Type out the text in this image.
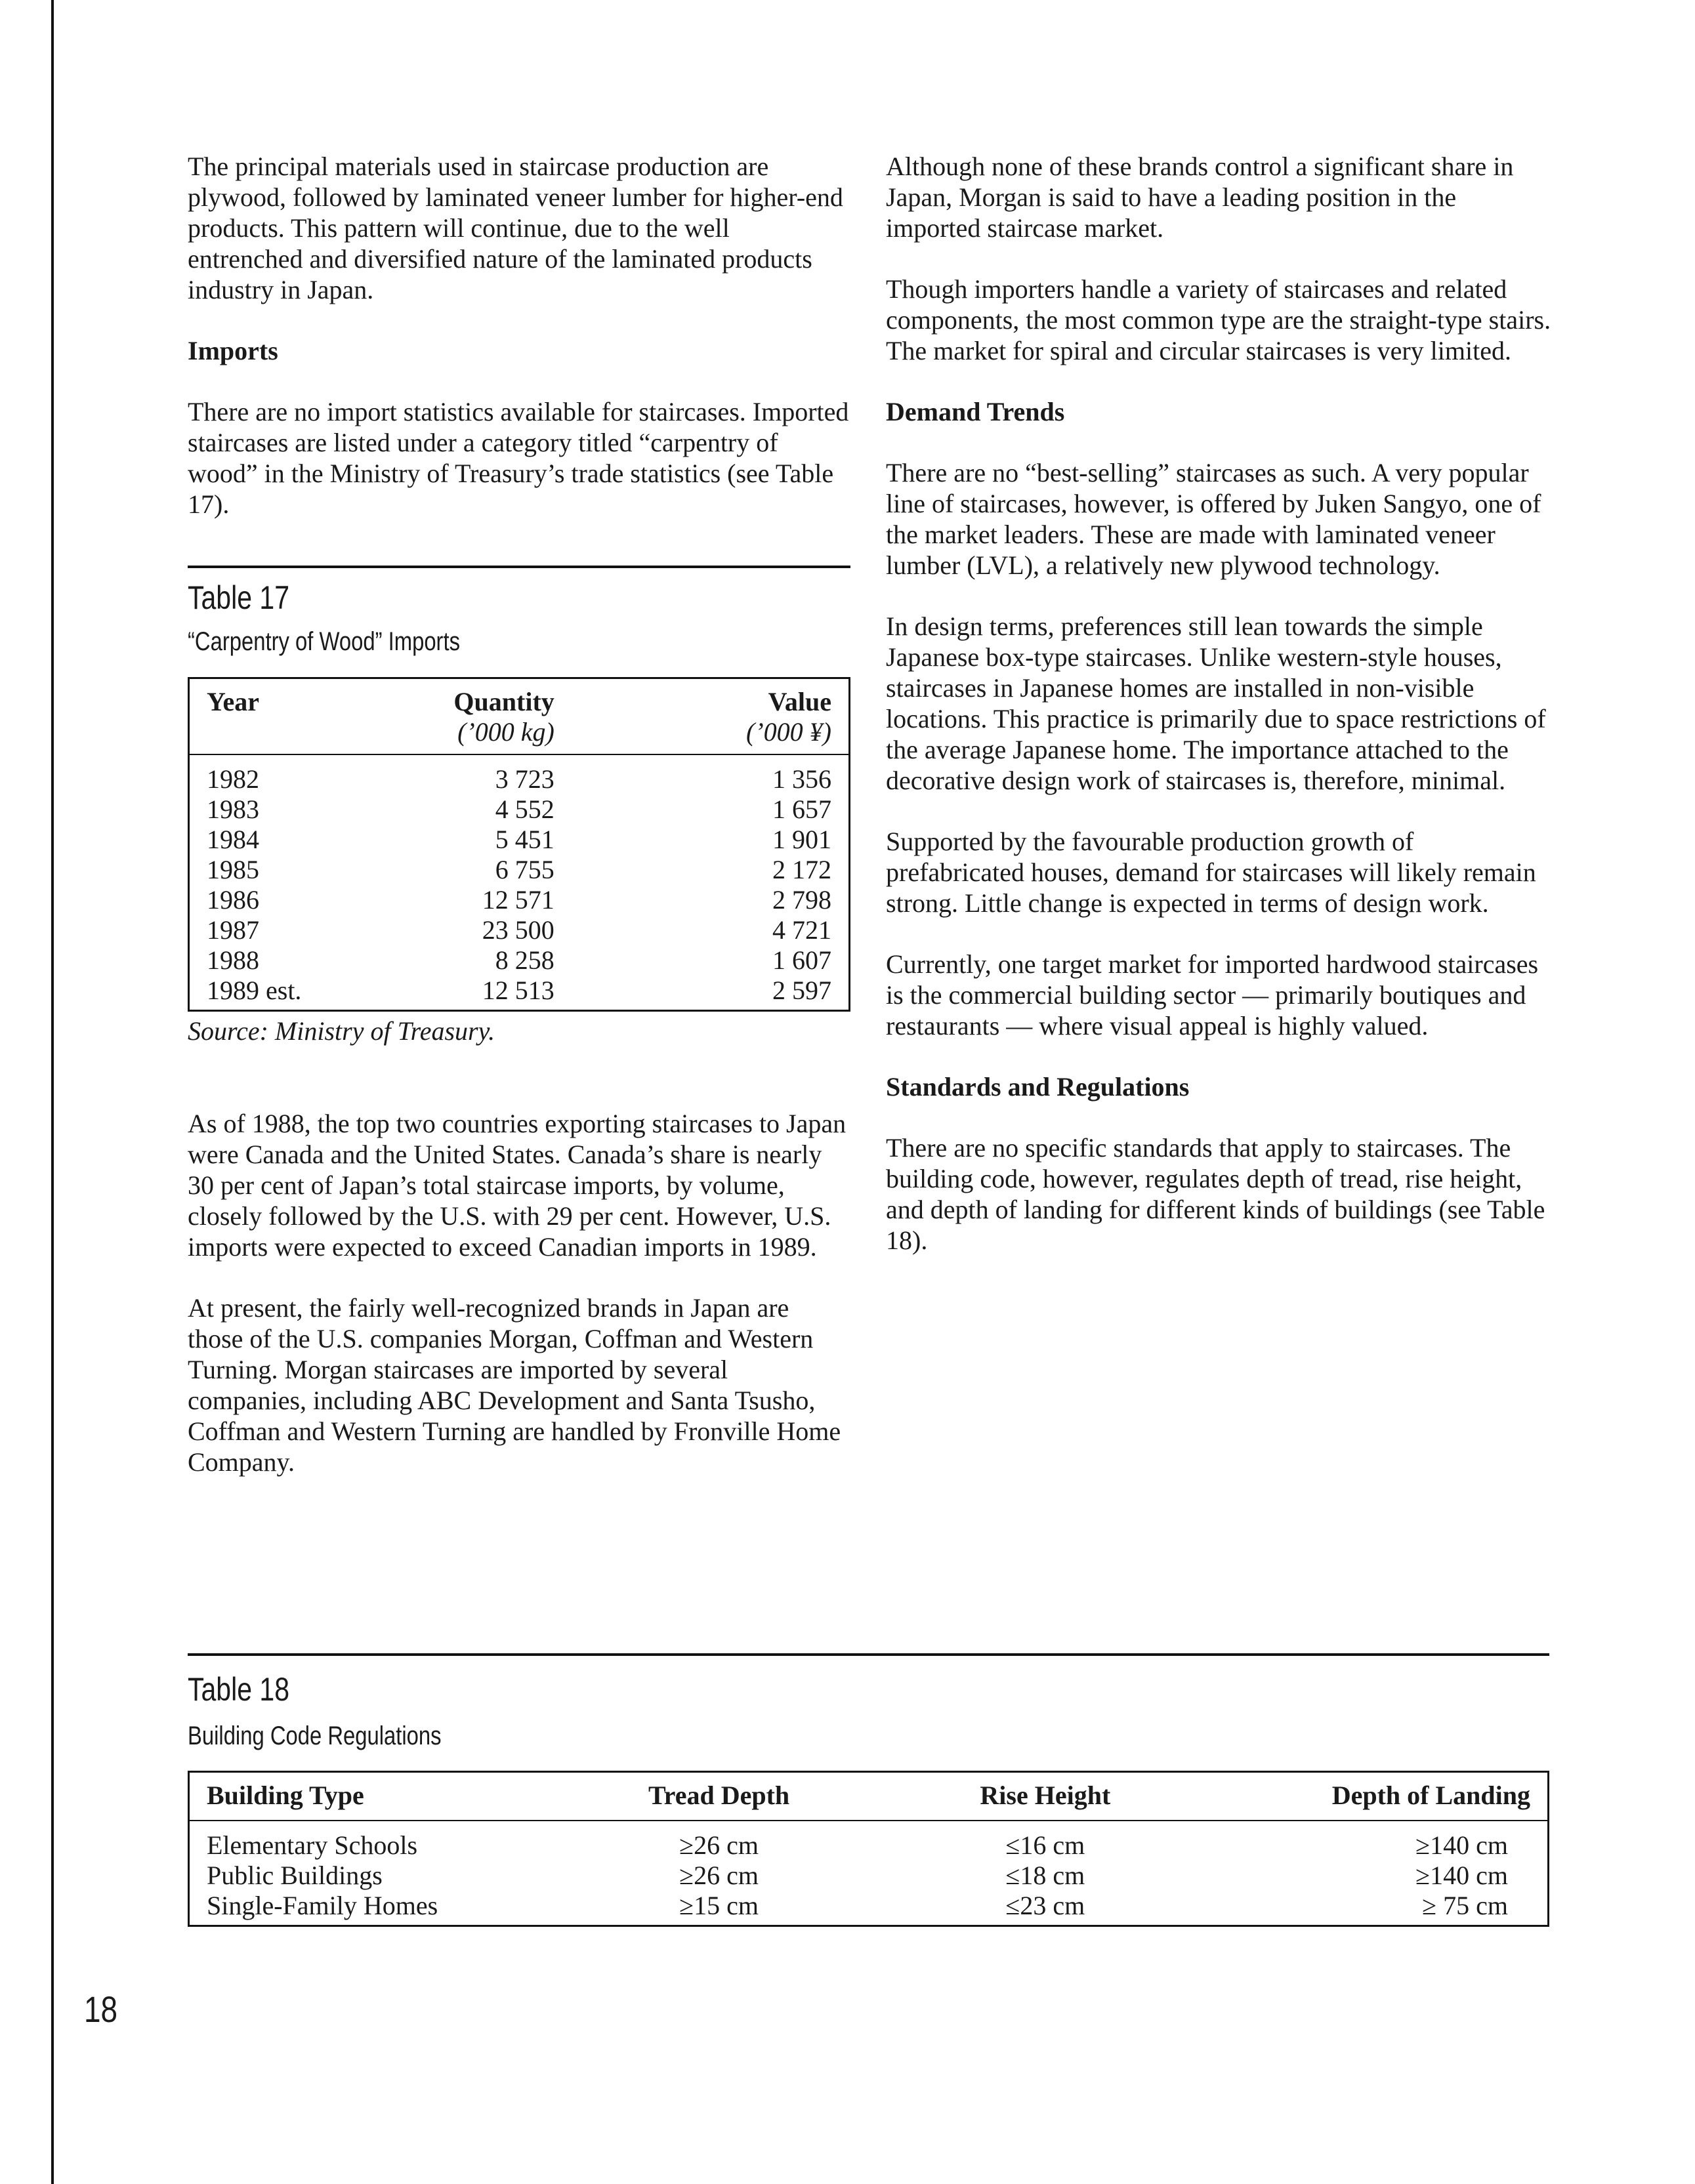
The principal materials used in staircase production are plywood, followed by laminated veneer lumber for higher-end products. This pattern will continue, due to the well entrenched and diversified nature of the laminated products industry in Japan.

Imports

There are no import statistics available for staircases. Imported staircases are listed under a category titled “carpentry of wood” in the Ministry of Treasury’s trade statistics (see Table 17).

Table 17
“Carpentry of Wood” Imports
Year	Quantity	Value
	(’000 kg)	(’000 ¥)
1982	3 723	1 356
1983	4 552	1 657
1984	5 451	1 901
1985	6 755	2 172
1986	12 571	2 798
1987	23 500	4 721
1988	8 258	1 607
1989 est.	12 513	2 597
Source: Ministry of Treasury.

As of 1988, the top two countries exporting staircases to Japan were Canada and the United States. Canada’s share is nearly 30 per cent of Japan’s total staircase imports, by volume, closely followed by the U.S. with 29 per cent. However, U.S. imports were expected to exceed Canadian imports in 1989.

At present, the fairly well-recognized brands in Japan are those of the U.S. companies Morgan, Coffman and Western Turning. Morgan staircases are imported by several companies, including ABC Development and Santa Tsusho, Coffman and Western Turning are handled by Fronville Home Company.

Although none of these brands control a significant share in Japan, Morgan is said to have a leading position in the imported staircase market.

Though importers handle a variety of staircases and related components, the most common type are the straight-type stairs. The market for spiral and circular staircases is very limited.

Demand Trends

There are no “best-selling” staircases as such. A very popular line of staircases, however, is offered by Juken Sangyo, one of the market leaders. These are made with laminated veneer lumber (LVL), a relatively new plywood technology.

In design terms, preferences still lean towards the simple Japanese box-type staircases. Unlike western-style houses, staircases in Japanese homes are installed in non-visible locations. This practice is primarily due to space restrictions of the average Japanese home. The importance attached to the decorative design work of staircases is, therefore, minimal.

Supported by the favourable production growth of prefabricated houses, demand for staircases will likely remain strong. Little change is expected in terms of design work.

Currently, one target market for imported hardwood staircases is the commercial building sector — primarily boutiques and restaurants — where visual appeal is highly valued.

Standards and Regulations

There are no specific standards that apply to staircases. The building code, however, regulates depth of tread, rise height, and depth of landing for different kinds of buildings (see Table 18).

Table 18
Building Code Regulations
Building Type	Tread Depth	Rise Height	Depth of Landing
Elementary Schools	≥26 cm	≤16 cm	≥140 cm
Public Buildings	≥26 cm	≤18 cm	≥140 cm
Single-Family Homes	≥15 cm	≤23 cm	≥ 75 cm
18
